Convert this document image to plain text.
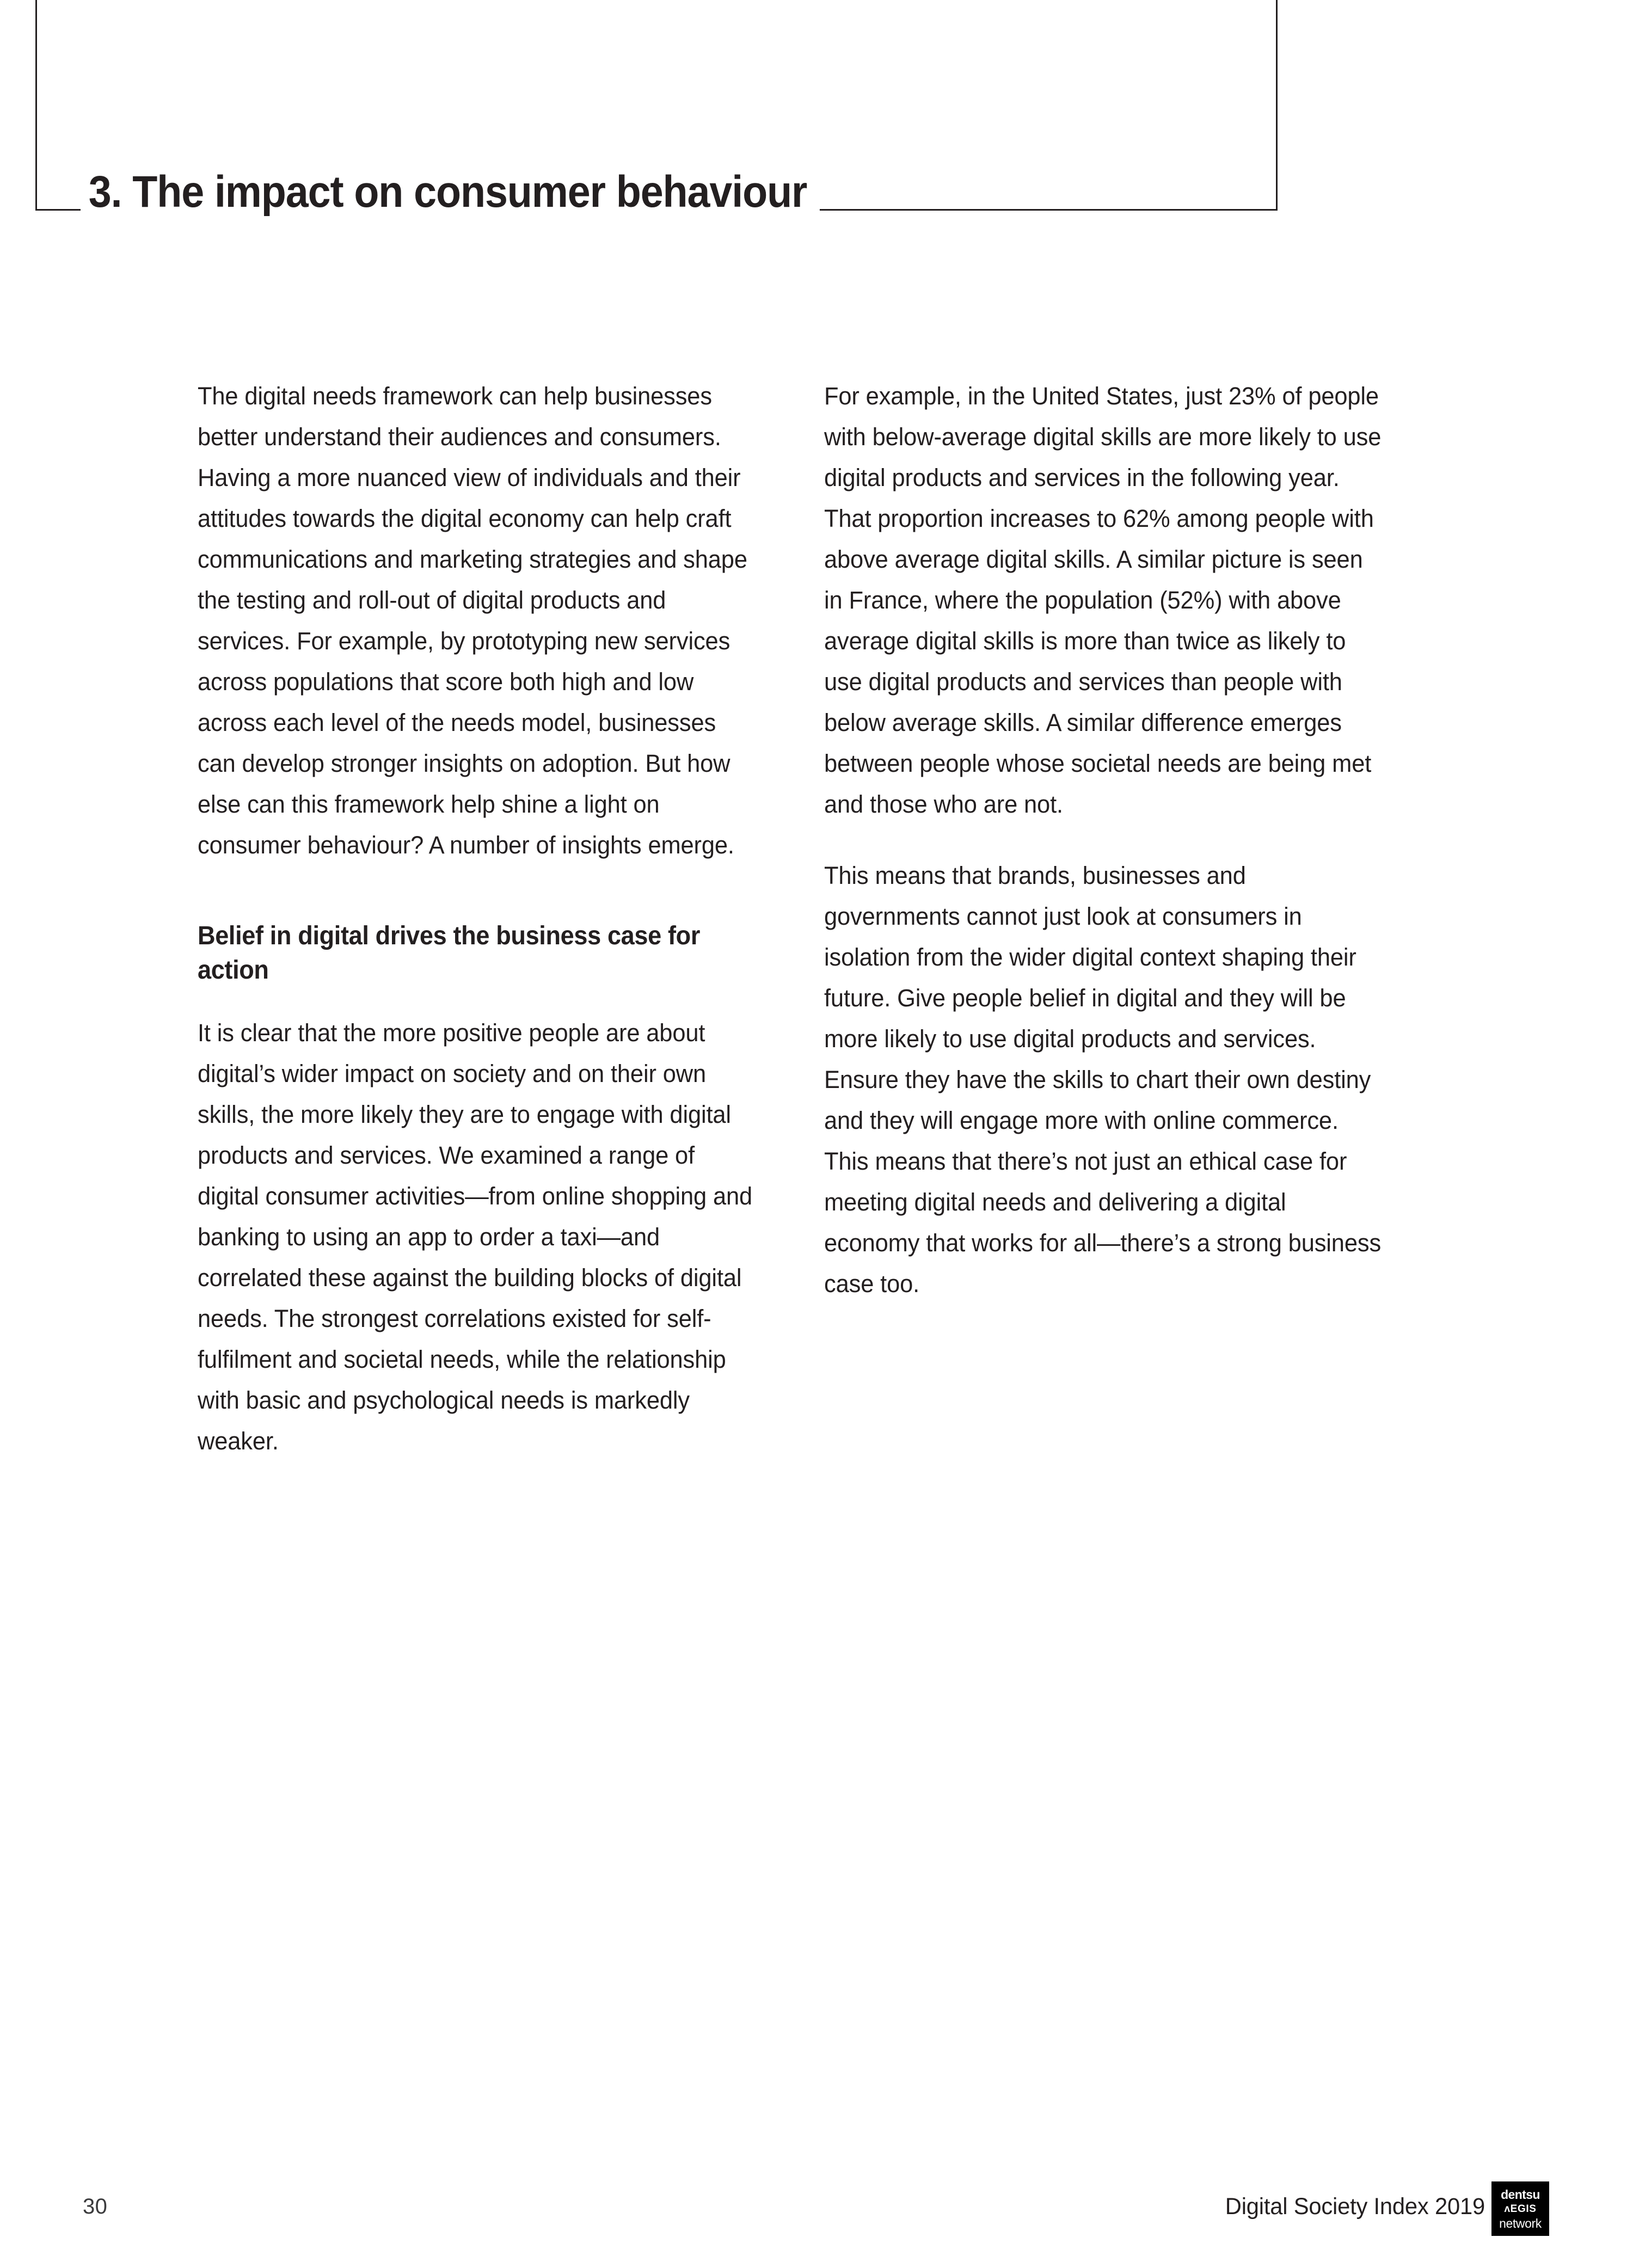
3. The impact on consumer behaviour

The digital needs framework can help businesses better understand their audiences and consumers. Having a more nuanced view of individuals and their attitudes towards the digital economy can help craft communications and marketing strategies and shape the testing and roll-out of digital products and services. For example, by prototyping new services across populations that score both high and low across each level of the needs model, businesses can develop stronger insights on adoption. But how else can this framework help shine a light on consumer behaviour? A number of insights emerge.

Belief in digital drives the business case for action

It is clear that the more positive people are about digital’s wider impact on society and on their own skills, the more likely they are to engage with digital products and services. We examined a range of digital consumer activities—from online shopping and banking to using an app to order a taxi—and correlated these against the building blocks of digital needs. The strongest correlations existed for self-fulfilment and societal needs, while the relationship with basic and psychological needs is markedly weaker.

For example, in the United States, just 23% of people with below-average digital skills are more likely to use digital products and services in the following year. That proportion increases to 62% among people with above average digital skills. A similar picture is seen in France, where the population (52%) with above average digital skills is more than twice as likely to use digital products and services than people with below average skills. A similar difference emerges between people whose societal needs are being met and those who are not.

This means that brands, businesses and governments cannot just look at consumers in isolation from the wider digital context shaping their future. Give people belief in digital and they will be more likely to use digital products and services. Ensure they have the skills to chart their own destiny and they will engage more with online commerce. This means that there’s not just an ethical case for meeting digital needs and delivering a digital economy that works for all—there’s a strong business case too.

30	Digital Society Index 2019 dentsu
ʌEGIS
network
